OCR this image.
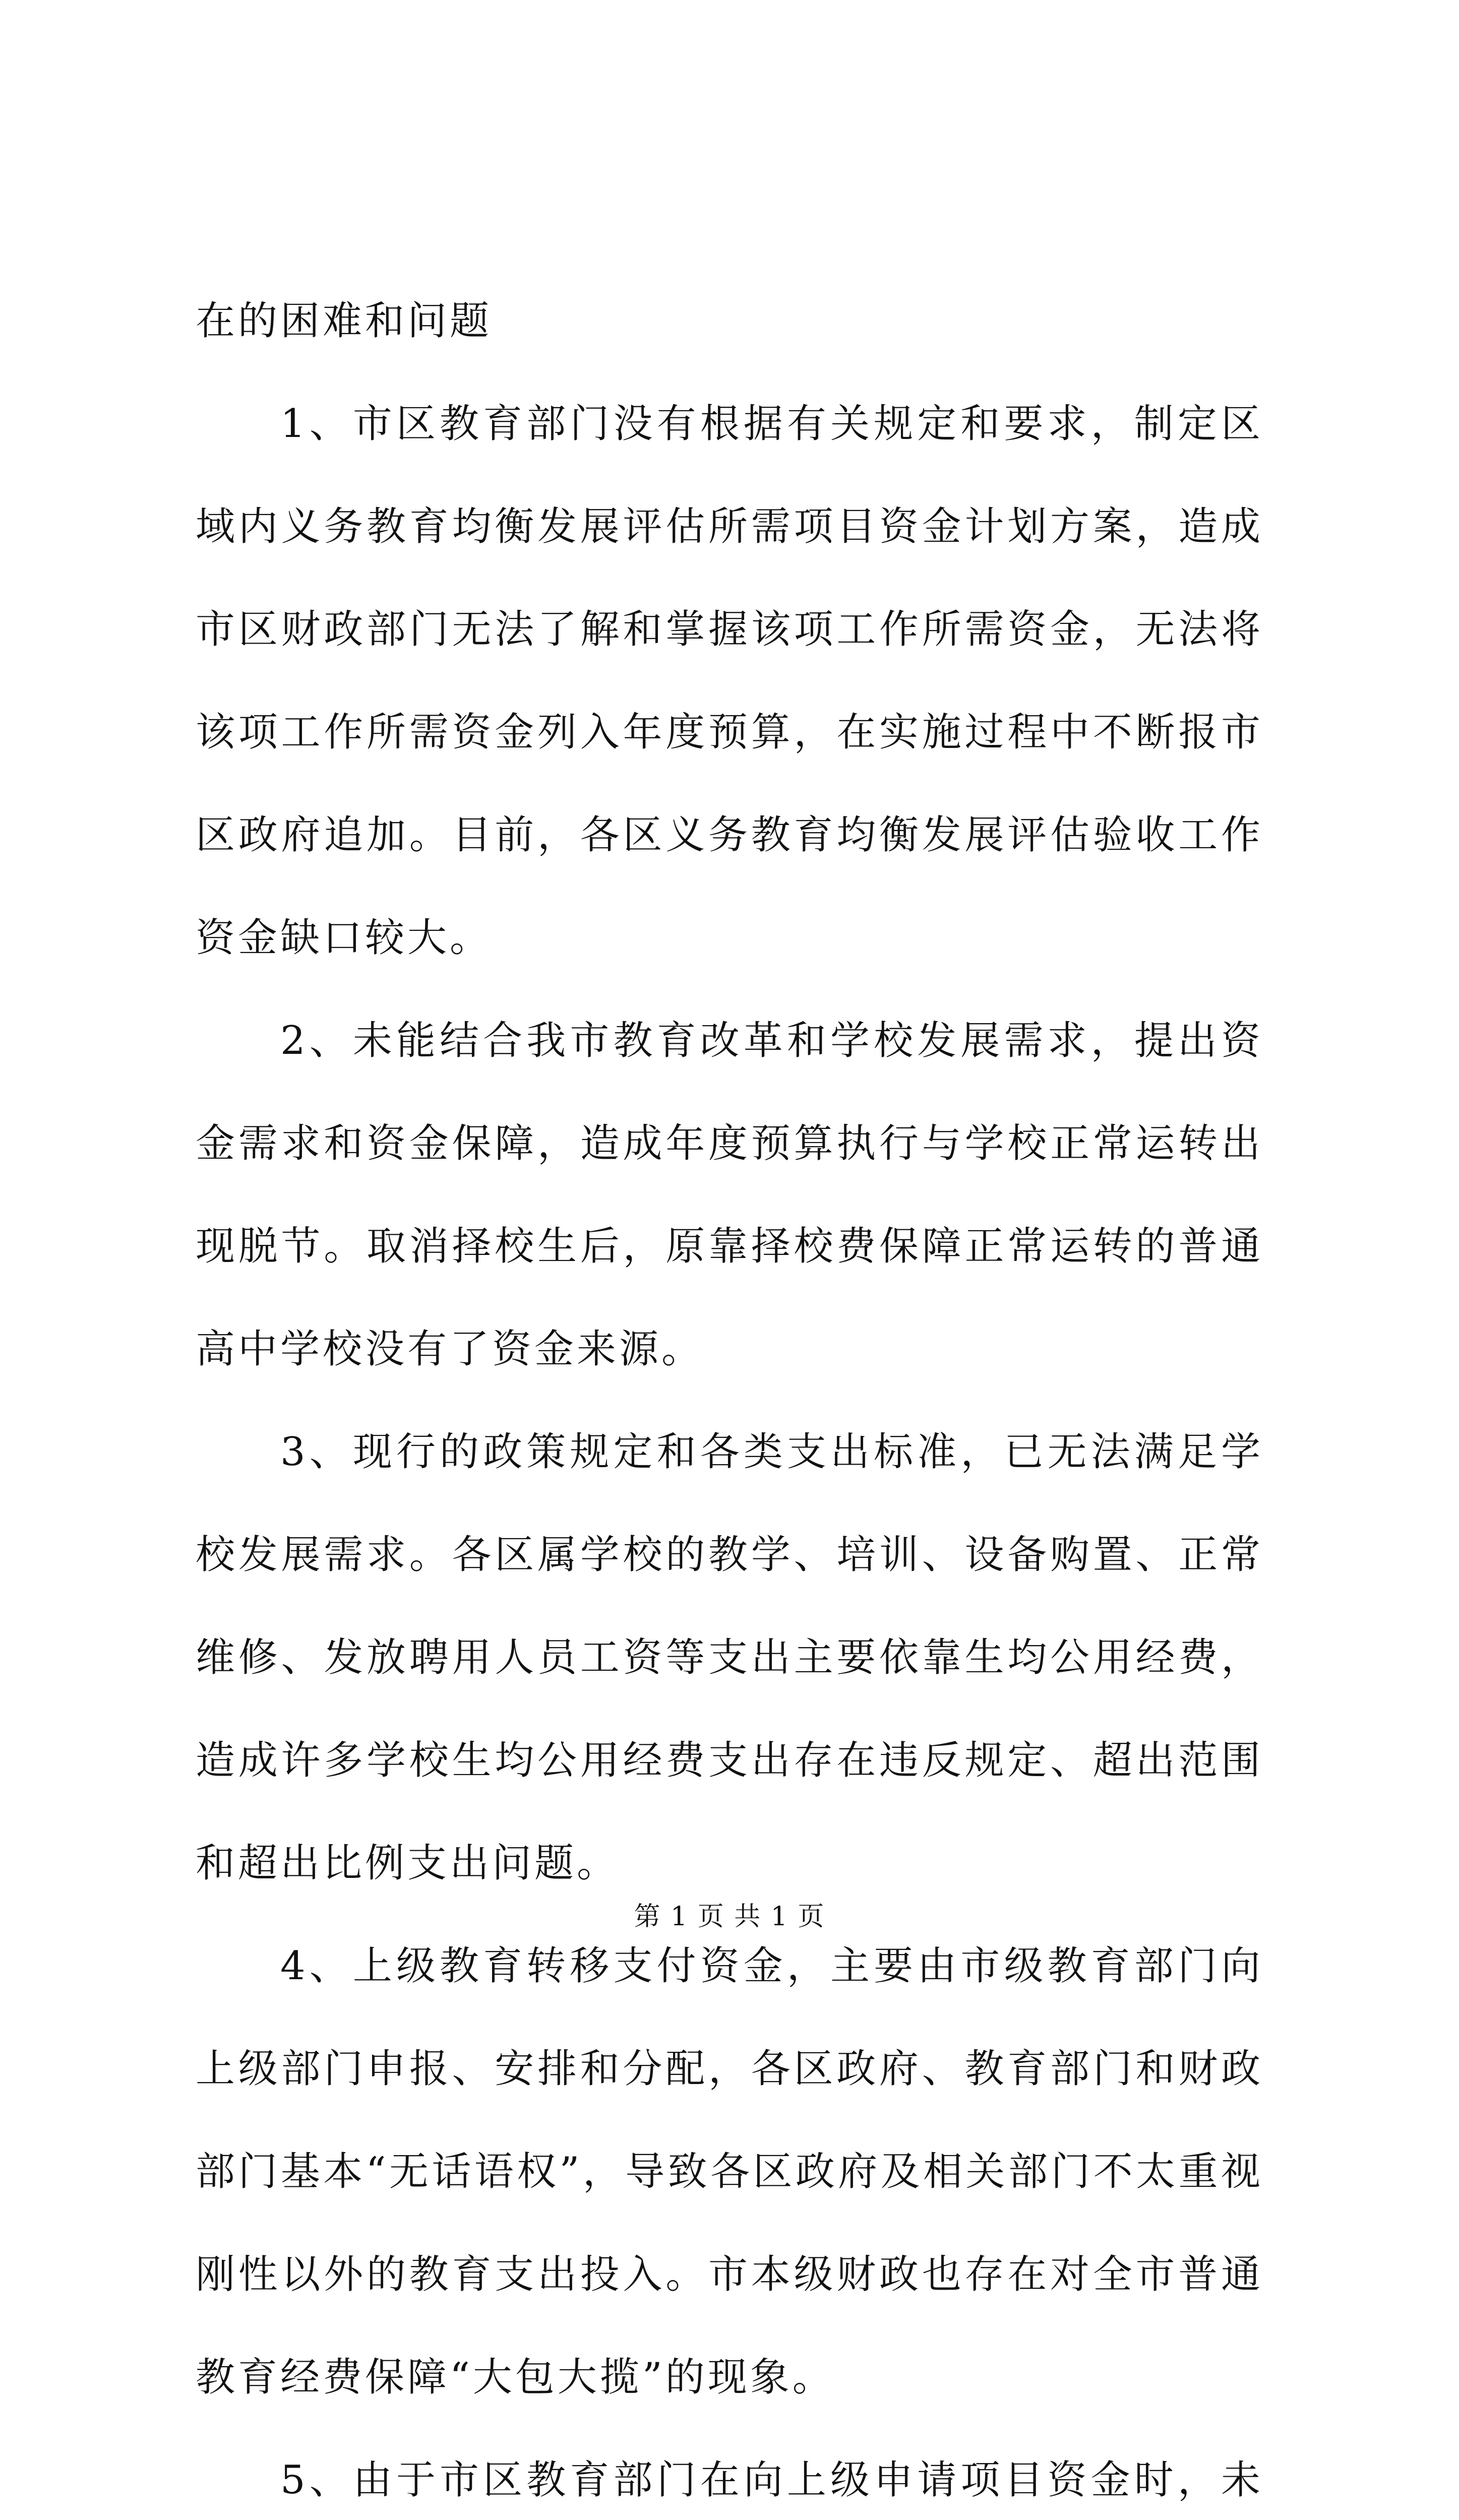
在的困难和问题

1、市区教育部门没有根据有关规定和要求，制定区域内义务教育均衡发展评估所需项目资金计划方案，造成市区财政部门无法了解和掌握该项工作所需资金，无法将该项工作所需资金列入年度预算，在实施过程中不断报市区政府追加。目前，各区义务教育均衡发展评估验收工作资金缺口较大。

2、未能结合我市教育改革和学校发展需求，提出资金需求和资金保障，造成年度预算执行与学校正常运转出现脱节。取消择校生后，原靠择校费保障正常运转的普通高中学校没有了资金来源。

3、现行的政策规定和各类支出标准，已无法满足学校发展需求。各区属学校的教学、培训、设备购置、正常维修、发放聘用人员工资等支出主要依靠生均公用经费，造成许多学校生均公用经费支出存在违反规定、超出范围和超出比例支出问题。

4、上级教育转移支付资金，主要由市级教育部门向上级部门申报、安排和分配，各区政府、教育部门和财政部门基本“无话语权”，导致各区政府及相关部门不太重视刚性以外的教育支出投入。市本级财政也存在对全市普通教育经费保障“大包大揽”的现象。

5、由于市区教育部门在向上级申请项目资金时，未

第 1 页 共 1 页
